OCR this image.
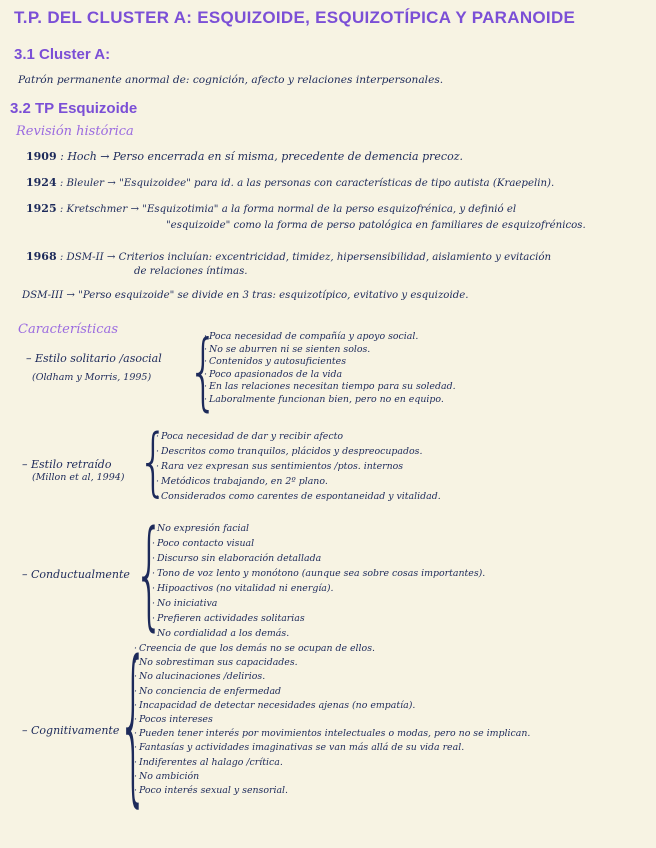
T.P. DEL CLUSTER A: ESQUIZOIDE, ESQUIZOTÍPICA Y PARANOIDE
3.1 Cluster A:
Patrón permanente anormal de: cognición, afecto y relaciones interpersonales.
3.2 TP Esquizoide
Revisión histórica
1909 : Hoch → Perso encerrada en sí misma, precedente de demencia precoz.
1924 : Bleuler → "Esquizoidee" para id. a las personas con características de tipo autista (Kraepelin).
1925 : Kretschmer → "Esquizotimia" a la forma normal de la perso esquizofrénica, y definió el
"esquizoide" como la forma de perso patológica en familiares de esquizofrénicos.
1968 : DSM-II → Criterios incluían: excentricidad, timidez, hipersensibilidad, aislamiento y evitación
de relaciones íntimas.
DSM-III → "Perso esquizoide" se divide en 3 tras: esquizotípico, evitativo y esquizoide.
Características
– Estilo solitario /asocial
(Oldham y Morris, 1995) {
· Poca necesidad de compañía y apoyo social.
· No se aburren ni se sienten solos.
· Contenidos y autosuficientes
· Poco apasionados de la vida
· En las relaciones necesitan tiempo para su soledad.
· Laboralmente funcionan bien, pero no en equipo.
– Estilo retraído
(Millon et al, 1994) {
· Poca necesidad de dar y recibir afecto
· Descritos como tranquilos, plácidos y despreocupados.
· Rara vez expresan sus sentimientos /ptos. internos
· Metódicos trabajando, en 2º plano.
· Considerados como carentes de espontaneidad y vitalidad.
– Conductualmente {
· No expresión facial
· Poco contacto visual
· Discurso sin elaboración detallada
· Tono de voz lento y monótono (aunque sea sobre cosas importantes).
· Hipoactivos (no vitalidad ni energía).
· No iniciativa
· Prefieren actividades solitarias
· No cordialidad a los demás.
– Cognitivamente
{
· Creencia de que los demás no se ocupan de ellos.
· No sobrestiman sus capacidades.
· No alucinaciones /delirios.
· No conciencia de enfermedad
· Incapacidad de detectar necesidades ajenas (no empatía).
· Pocos intereses
· Pueden tener interés por movimientos intelectuales o modas, pero no se implican.
· Fantasías y actividades imaginativas se van más allá de su vida real.
· Indiferentes al halago /crítica.
· No ambición
· Poco interés sexual y sensorial.
